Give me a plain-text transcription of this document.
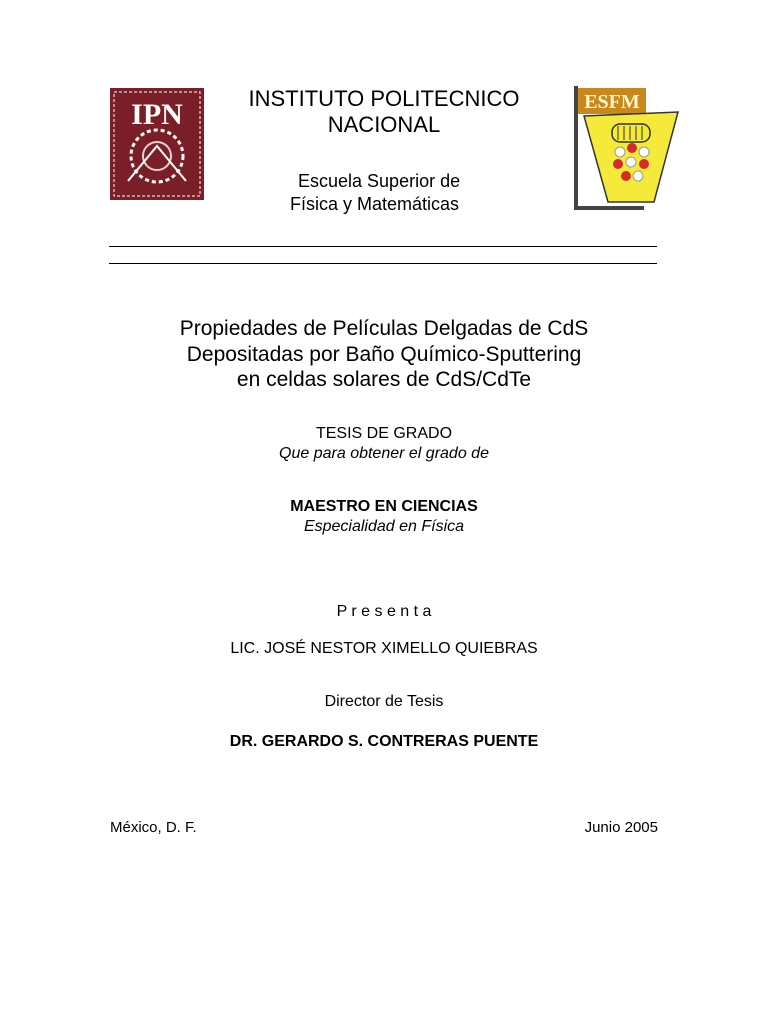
IPN	INSTITUTO POLITECNICO
NACIONAL
Escuela Superior de
Física y Matemáticas
ESFM
Propiedades de Películas Delgadas de CdS
Depositadas por Baño Químico-Sputtering
en celdas solares de CdS/CdTe
TESIS DE GRADO
Que para obtener el grado de
MAESTRO EN CIENCIAS
Especialidad en Física
P r e s e n t a
LIC. JOSÉ NESTOR XIMELLO QUIEBRAS
Director de Tesis
DR. GERARDO S. CONTRERAS PUENTE
México, D. F.	Junio 2005
